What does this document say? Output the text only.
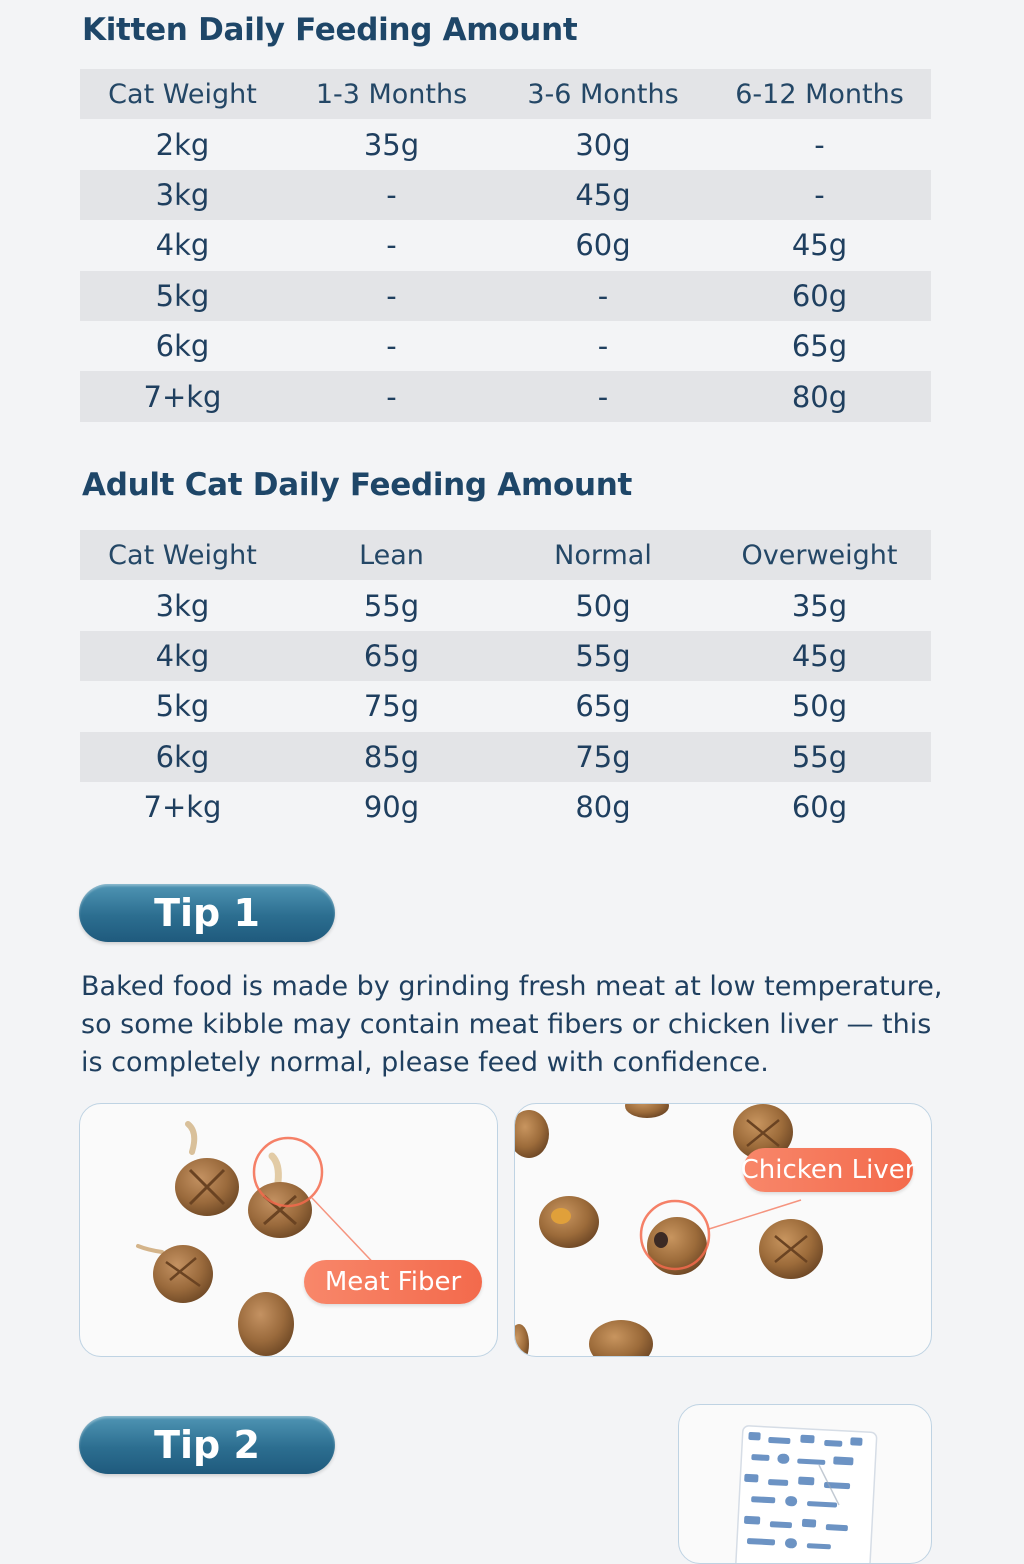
Kitten Daily Feeding Amount
Cat Weight	1-3 Months	3-6 Months	6-12 Months
2kg	35g	30g	-
3kg	-	45g	-
4kg	-	60g	45g
5kg	-	-	60g
6kg	-	-	65g
7+kg	-	-	80g
Adult Cat Daily Feeding Amount
Cat Weight	Lean	Normal	Overweight
3kg	55g	50g	35g
4kg	65g	55g	45g
5kg	75g	65g	50g
6kg	85g	75g	55g
7+kg	90g	80g	60g
Tip 1

Baked food is made by grinding fresh meat at low temperature, so some kibble may contain meat fibers or chicken liver — this is completely normal, please feed with confidence.

Meat Fiber
Chicken Liver
Tip 2
